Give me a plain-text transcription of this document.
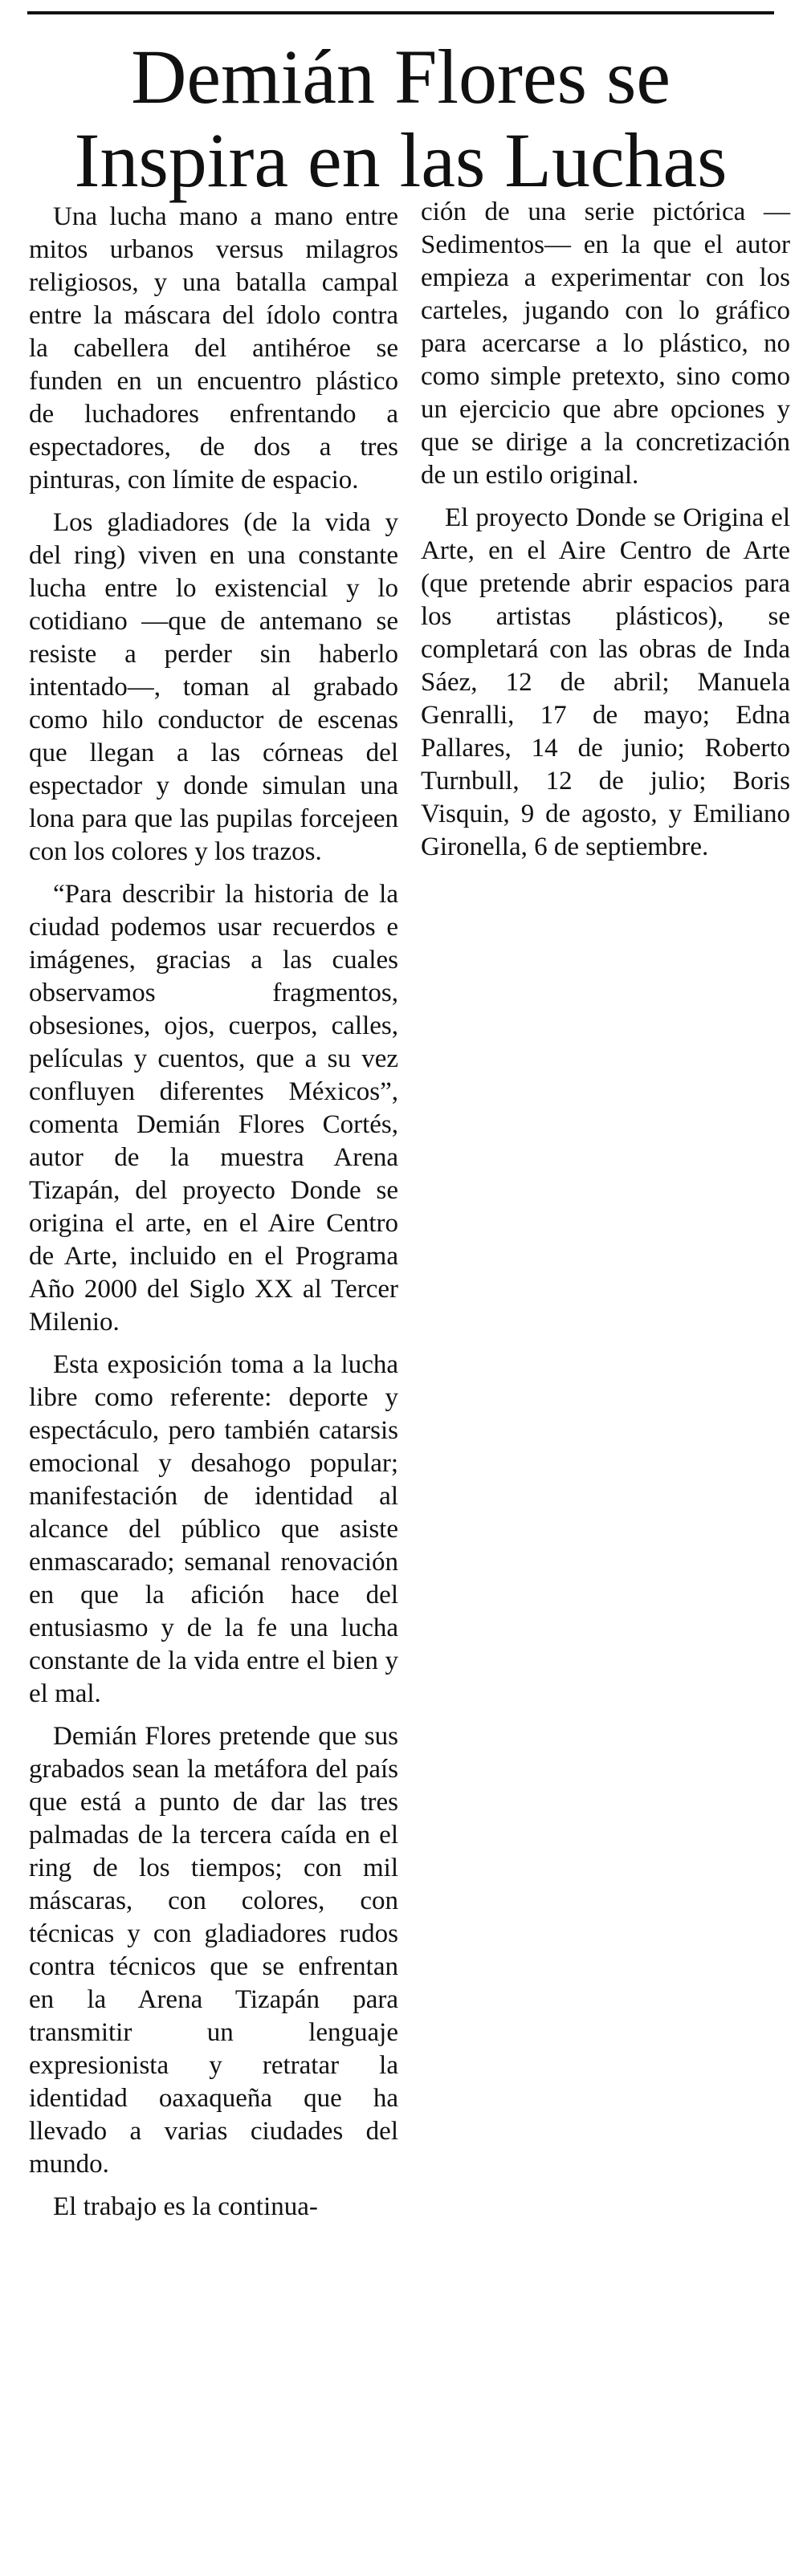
Demián Flores se
Inspira en las Luchas

Una lucha mano a mano entre mitos urbanos versus milagros religiosos, y una batalla campal entre la máscara del ídolo contra la cabellera del antihéroe se funden en un encuentro plástico de luchadores enfrentando a espectadores, de dos a tres pinturas, con límite de espacio.

Los gladiadores (de la vida y del ring) viven en una constante lucha entre lo existencial y lo cotidiano —que de antemano se resiste a perder sin haberlo intentado—, toman al grabado como hilo conductor de escenas que llegan a las córneas del espectador y donde simulan una lona para que las pupilas forcejeen con los colores y los trazos.

“Para describir la historia de la ciudad podemos usar recuerdos e imágenes, gracias a las cuales observamos fragmentos, obsesiones, ojos, cuerpos, calles, películas y cuentos, que a su vez confluyen diferentes Méxicos”, comenta Demián Flores Cortés, autor de la muestra Arena Tizapán, del proyecto Donde se origina el arte, en el Aire Centro de Arte, incluido en el Programa Año 2000 del Siglo XX al Tercer Milenio.

Esta exposición toma a la lucha libre como referente: deporte y espectáculo, pero también catarsis emocional y desahogo popular; manifestación de identidad al alcance del público que asiste enmascarado; semanal renovación en que la afición hace del entusiasmo y de la fe una lucha constante de la vida entre el bien y el mal.

Demián Flores pretende que sus grabados sean la metáfora del país que está a punto de dar las tres palmadas de la tercera caída en el ring de los tiempos; con mil máscaras, con colores, con técnicas y con gladiadores rudos contra técnicos que se enfrentan en la Arena Tizapán para transmitir un lenguaje expresionista y retratar la identidad oaxaqueña que ha llevado a varias ciudades del mundo.

El trabajo es la continua-

ción de una serie pictórica —Sedimentos— en la que el autor empieza a experimentar con los carteles, jugando con lo gráfico para acercarse a lo plástico, no como simple pretexto, sino como un ejercicio que abre opciones y que se dirige a la concretización de un estilo original.

El proyecto Donde se Origina el Arte, en el Aire Centro de Arte (que pretende abrir espacios para los artistas plásticos), se completará con las obras de Inda Sáez, 12 de abril; Manuela Genralli, 17 de mayo; Edna Pallares, 14 de junio; Roberto Turnbull, 12 de julio; Boris Visquin, 9 de agosto, y Emiliano Gironella, 6 de septiembre.
